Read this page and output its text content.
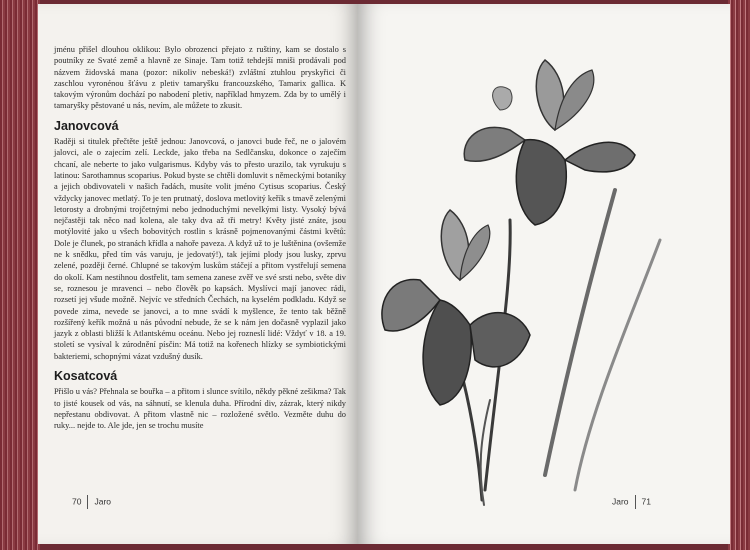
jménu přišel dlouhou oklikou: Bylo obrozenci přejato z ruštiny, kam se dostalo s poutníky ze Svaté země a hlavně ze Sinaje. Tam totiž tehdejší mniši prodávali pod názvem židovská mana (pozor: nikoliv nebeská!) zvláštní ztuhlou pryskyřici či zaschlou vyronénou šťávu z pletiv tamaryšku francouzského, Tamarix gallica. K takovým výronům dochází po nabodení pletiv, například hmyzem. Zda by to umělý i tamaryšky pěstované u nás, nevím, ale můžete to zkusit.

Janovcová

Raději si titulek přečtěte ještě jednou: Janovcová, o janovci bude řeč, ne o jalovém jalovci, ale o zajecím zelí. Leckde, jako třeba na Sedlčansku, dokonce o zaječím chcaní, ale neberte to jako vulgarismus. Kdyby vás to přesto urazilo, tak vyrukuju s latinou: Sarothamnus scoparius. Pokud byste se chtěli domluvit s německými botaniky a jejich obdivovateli v našich řadách, musíte volit jméno Cytisus scoparius. Český vždycky janovec metlatý. To je ten prutnatý, doslova metlovitý keřík s tmavě zelenými letorosty a drobnými trojčetnými nebo jednoduchými nevelkými listy. Vysoký bývá nejčastěji tak něco nad kolena, ale taky dva až tři metry! Květy jisté znáte, jsou motýlovité jako u všech bobovitých rostlin s krásně pojmenovanými částmi květů: Dole je člunek, po stranách křídla a nahoře paveza. A když už to je luštěnina (ovšemže ne k snědku, před tím vás varuju, je jedovatý!), tak jejími plody jsou lusky, zprvu zelené, později černé. Chlupné se takovým luskům stáčejí a přitom vystřelují semena do okolí. Kam nestihnou dostřelit, tam semena zanese zvěř ve své srsti nebo, světe div se, roznesou je mravenci – nebo člověk po kapsách. Myslívci mají janovec rádi, rozsetí jej všude možně. Nejvíc ve středních Čechách, na kyselém podkladu. Když se povede zima, nevede se janovci, a to mne svádí k myšlence, že tento tak běžně rozšířený keřík možná u nás původní nebude, že se k nám jen dočasně vyplazil jako jazyk z oblasti bližší k Atlantskému oceánu. Nebo jej rozneslí lidé: Vždyť v 18. a 19. století se vysíval k zúrodnění písčin: Má totiž na kořenech hlízky se symbiotickými bakteriemi, schopnými vázat vzdušný dusík.

Kosatcová

Přišlo u vás? Přehnala se bouřka – a přitom i slunce svítilo, někdy pěkné zešikma? Tak to jisté kousek od vás, na sáhnutí, se klenula duha. Přírodní div, zázrak, který nikdy nepřestanu obdivovat. A přitom vlastně nic – rozložené světlo. Vezměte duhu do ruky... nejde to. Ale jde, jen se trochu musíte

70 Jaro	Jaro 71
